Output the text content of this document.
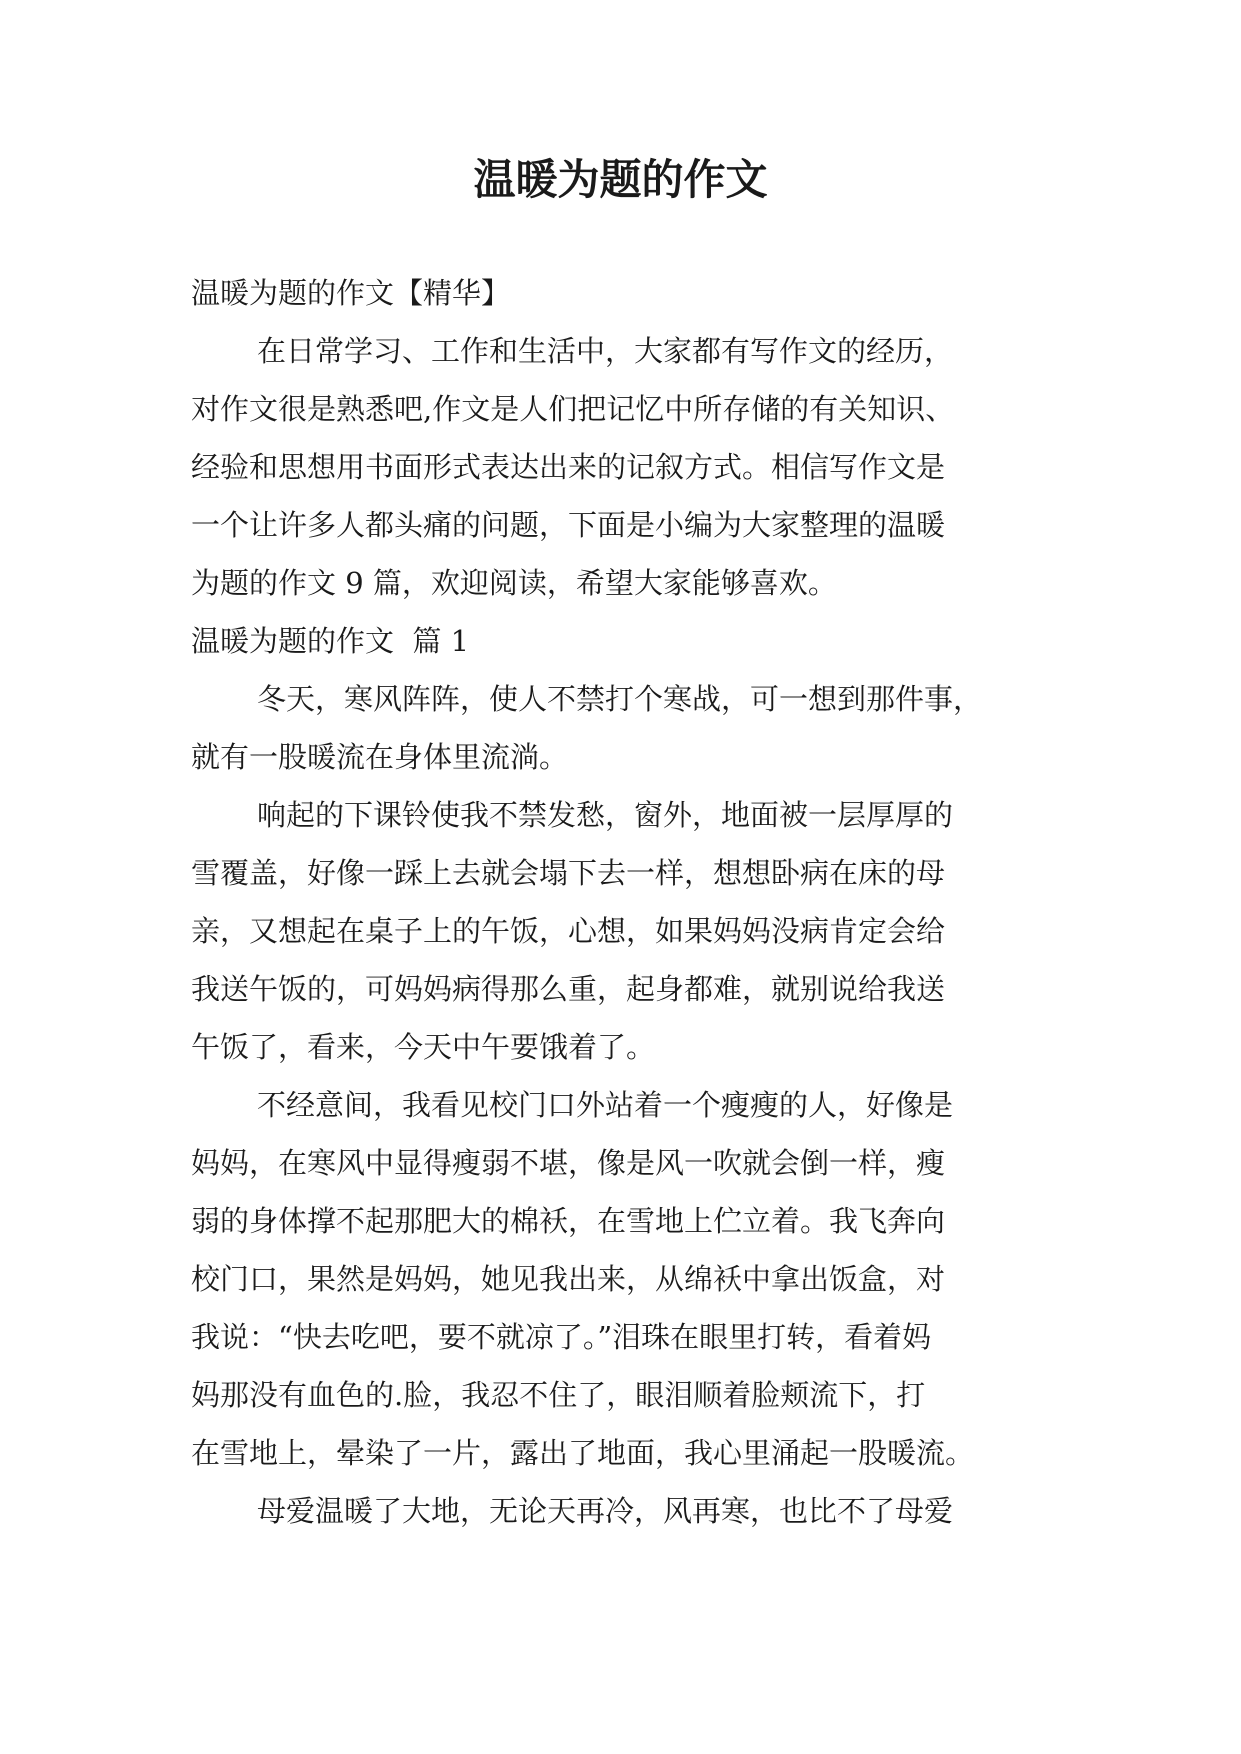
温暖为题的作文
温暖为题的作文【精华】
在日常学习、工作和生活中，大家都有写作文的经历，
对作文很是熟悉吧,作文是人们把记忆中所存储的有关知识、
经验和思想用书面形式表达出来的记叙方式。相信写作文是
一个让许多人都头痛的问题，下面是小编为大家整理的温暖
为题的作文 9 篇，欢迎阅读，希望大家能够喜欢。
温暖为题的作文  篇 1
冬天，寒风阵阵，使人不禁打个寒战，可一想到那件事，
就有一股暖流在身体里流淌。
响起的下课铃使我不禁发愁，窗外，地面被一层厚厚的
雪覆盖，好像一踩上去就会塌下去一样，想想卧病在床的母
亲，又想起在桌子上的午饭，心想，如果妈妈没病肯定会给
我送午饭的，可妈妈病得那么重，起身都难，就别说给我送
午饭了，看来，今天中午要饿着了。
不经意间，我看见校门口外站着一个瘦瘦的人，好像是
妈妈，在寒风中显得瘦弱不堪，像是风一吹就会倒一样，瘦
弱的身体撑不起那肥大的棉袄，在雪地上伫立着。我飞奔向
校门口，果然是妈妈，她见我出来，从绵袄中拿出饭盒，对
我说：“快去吃吧，要不就凉了。”泪珠在眼里打转，看着妈
妈那没有血色的.脸，我忍不住了，眼泪顺着脸颊流下，打
在雪地上，晕染了一片，露出了地面，我心里涌起一股暖流。
母爱温暖了大地，无论天再冷，风再寒，也比不了母爱
